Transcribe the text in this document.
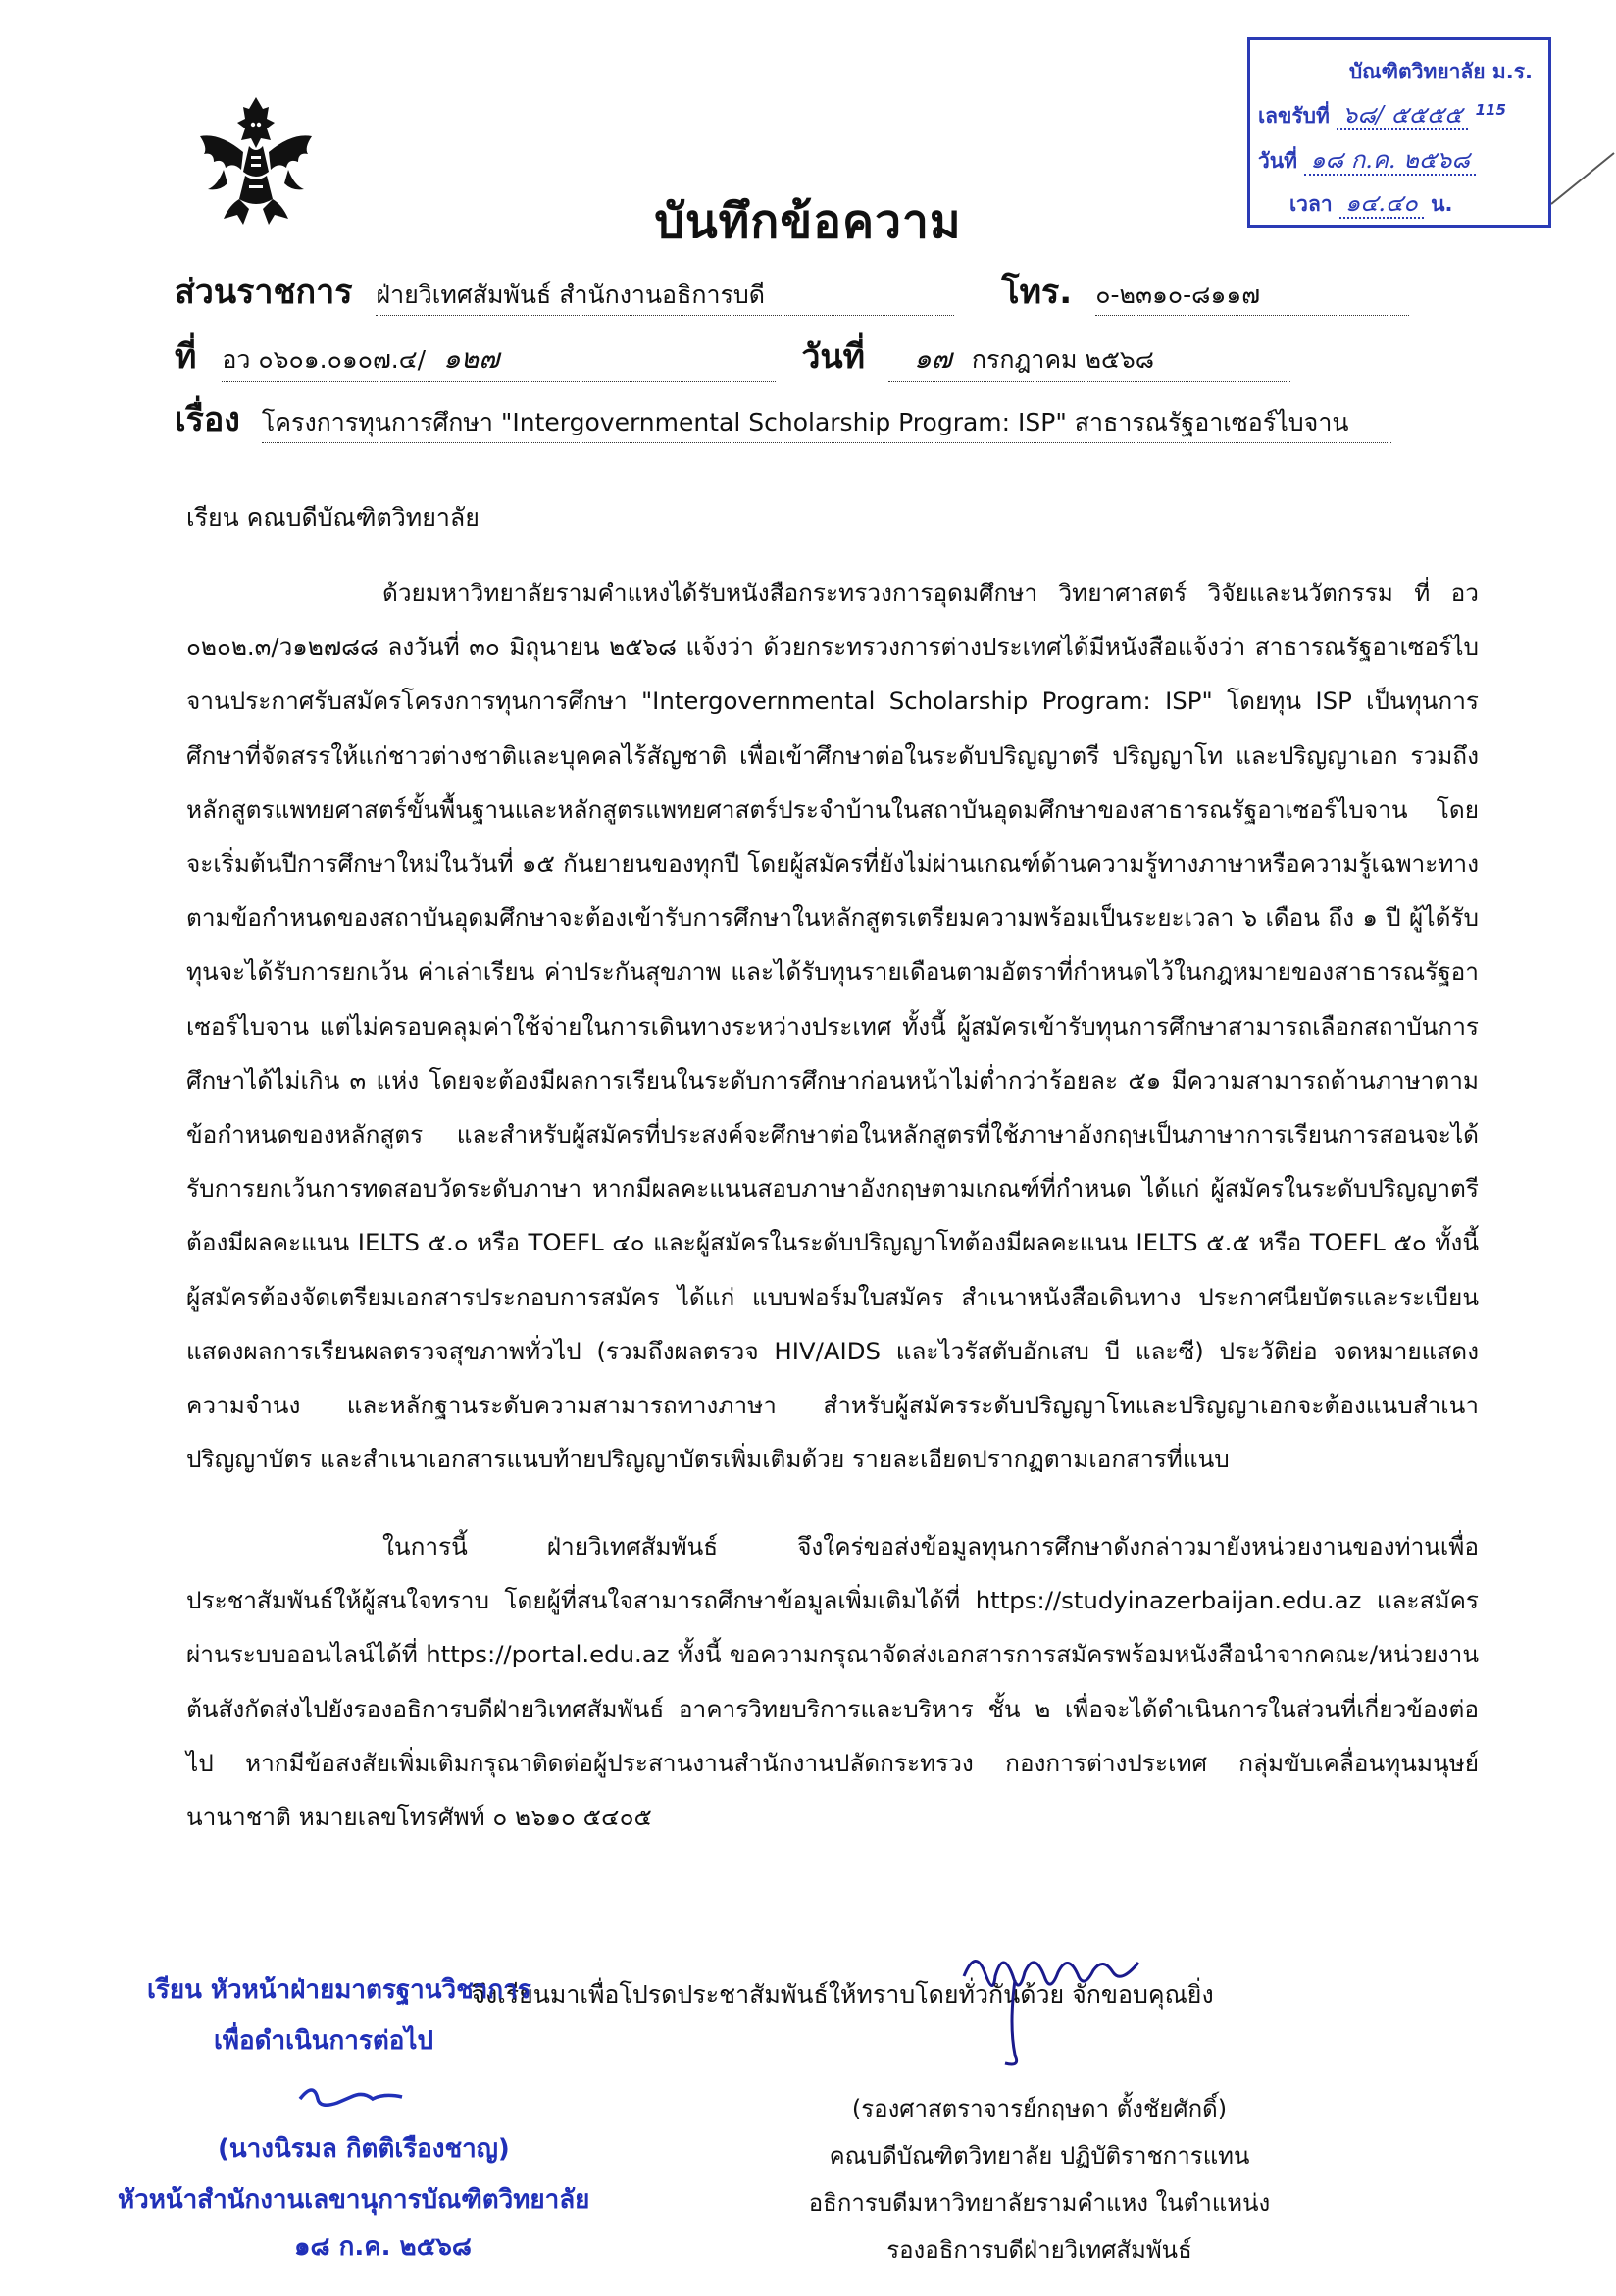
บัณฑิตวิทยาลัย ม.ร.
เลขรับที่ ๖๘/ ๕๕๕๕ $^{115}$
วันที่ ๑๘ ก.ค. ๒๕๖๘
เวลา ๑๔.๔๐ น.
บันทึกข้อความ
ส่วนราชการ ฝ่ายวิเทศสัมพันธ์ สำนักงานอธิการบดี	โทร. ๐-๒๓๑๐-๘๑๑๗
ที่ อว ๐๖๐๑.๐๑๐๗.๔/ ๑๒๗	วันที่ ๑๗ กรกฎาคม ๒๕๖๘
เรื่อง โครงการทุนการศึกษา "Intergovernmental Scholarship Program: ISP" สาธารณรัฐอาเซอร์ไบจาน
เรียน คณบดีบัณฑิตวิทยาลัย
ด้วยมหาวิทยาลัยรามคำแหงได้รับหนังสือกระทรวงการอุดมศึกษา วิทยาศาสตร์ วิจัยและนวัตกรรม ที่ อว ๐๒๐๒.๓/ว๑๒๗๘๘ ลงวันที่ ๓๐ มิถุนายน ๒๕๖๘ แจ้งว่า ด้วยกระทรวงการต่างประเทศได้มีหนังสือแจ้งว่า สาธารณรัฐอาเซอร์ไบจานประกาศรับสมัครโครงการทุนการศึกษา "Intergovernmental Scholarship Program: ISP" โดยทุน ISP เป็นทุนการศึกษาที่จัดสรรให้แก่ชาวต่างชาติและบุคคลไร้สัญชาติ เพื่อเข้าศึกษาต่อในระดับปริญญาตรี ปริญญาโท และปริญญาเอก รวมถึงหลักสูตรแพทยศาสตร์ขั้นพื้นฐานและหลักสูตรแพทยศาสตร์ประจำบ้านในสถาบันอุดมศึกษาของสาธารณรัฐอาเซอร์ไบจาน โดยจะเริ่มต้นปีการศึกษาใหม่ในวันที่ ๑๕ กันยายนของทุกปี โดยผู้สมัครที่ยังไม่ผ่านเกณฑ์ด้านความรู้ทางภาษาหรือความรู้เฉพาะทางตามข้อกำหนดของสถาบันอุดมศึกษาจะต้องเข้ารับการศึกษาในหลักสูตรเตรียมความพร้อมเป็นระยะเวลา ๖ เดือน ถึง ๑ ปี ผู้ได้รับทุนจะได้รับการยกเว้น ค่าเล่าเรียน ค่าประกันสุขภาพ และได้รับทุนรายเดือนตามอัตราที่กำหนดไว้ในกฎหมายของสาธารณรัฐอาเซอร์ไบจาน แต่ไม่ครอบคลุมค่าใช้จ่ายในการเดินทางระหว่างประเทศ ทั้งนี้ ผู้สมัครเข้ารับทุนการศึกษาสามารถเลือกสถาบันการศึกษาได้ไม่เกิน ๓ แห่ง โดยจะต้องมีผลการเรียนในระดับการศึกษาก่อนหน้าไม่ต่ำกว่าร้อยละ ๕๑ มีความสามารถด้านภาษาตามข้อกำหนดของหลักสูตร และสำหรับผู้สมัครที่ประสงค์จะศึกษาต่อในหลักสูตรที่ใช้ภาษาอังกฤษเป็นภาษาการเรียนการสอนจะได้รับการยกเว้นการทดสอบวัดระดับภาษา หากมีผลคะแนนสอบภาษาอังกฤษตามเกณฑ์ที่กำหนด ได้แก่ ผู้สมัครในระดับปริญญาตรีต้องมีผลคะแนน IELTS ๕.๐ หรือ TOEFL ๔๐ และผู้สมัครในระดับปริญญาโทต้องมีผลคะแนน IELTS ๕.๕ หรือ TOEFL ๕๐ ทั้งนี้ ผู้สมัครต้องจัดเตรียมเอกสารประกอบการสมัคร ได้แก่ แบบฟอร์มใบสมัคร สำเนาหนังสือเดินทาง ประกาศนียบัตรและระเบียนแสดงผลการเรียนผลตรวจสุขภาพทั่วไป (รวมถึงผลตรวจ HIV/AIDS และไวรัสตับอักเสบ บี และซี) ประวัติย่อ จดหมายแสดงความจำนง และหลักฐานระดับความสามารถทางภาษา สำหรับผู้สมัครระดับปริญญาโทและปริญญาเอกจะต้องแนบสำเนาปริญญาบัตร และสำเนาเอกสารแนบท้ายปริญญาบัตรเพิ่มเติมด้วย รายละเอียดปรากฏตามเอกสารที่แนบ
ในการนี้ ฝ่ายวิเทศสัมพันธ์ จึงใคร่ขอส่งข้อมูลทุนการศึกษาดังกล่าวมายังหน่วยงานของท่านเพื่อประชาสัมพันธ์ให้ผู้สนใจทราบ โดยผู้ที่สนใจสามารถศึกษาข้อมูลเพิ่มเติมได้ที่ https://studyinazerbaijan.edu.az และสมัครผ่านระบบออนไลน์ได้ที่ https://portal.edu.az ทั้งนี้ ขอความกรุณาจัดส่งเอกสารการสมัครพร้อมหนังสือนำจากคณะ/หน่วยงานต้นสังกัดส่งไปยังรองอธิการบดีฝ่ายวิเทศสัมพันธ์ อาคารวิทยบริการและบริหาร ชั้น ๒ เพื่อจะได้ดำเนินการในส่วนที่เกี่ยวข้องต่อไป หากมีข้อสงสัยเพิ่มเติมกรุณาติดต่อผู้ประสานงานสำนักงานปลัดกระทรวง กองการต่างประเทศ กลุ่มขับเคลื่อนทุนมนุษย์นานาชาติ หมายเลขโทรศัพท์ ๐ ๒๖๑๐ ๕๔๐๕
จึงเรียนมาเพื่อโปรดประชาสัมพันธ์ให้ทราบโดยทั่วกันด้วย จักขอบคุณยิ่ง
(รองศาสตราจารย์กฤษดา ตั้งชัยศักดิ์)
คณบดีบัณฑิตวิทยาลัย ปฏิบัติราชการแทน
อธิการบดีมหาวิทยาลัยรามคำแหง ในตำแหน่ง
รองอธิการบดีฝ่ายวิเทศสัมพันธ์
เรียน หัวหน้าฝ่ายมาตรฐานวิชาการ
เพื่อดำเนินการต่อไป
(นางนิรมล กิตติเรืองชาญ)
หัวหน้าสำนักงานเลขานุการบัณฑิตวิทยาลัย
๑๘ ก.ค. ๒๕๖๘
